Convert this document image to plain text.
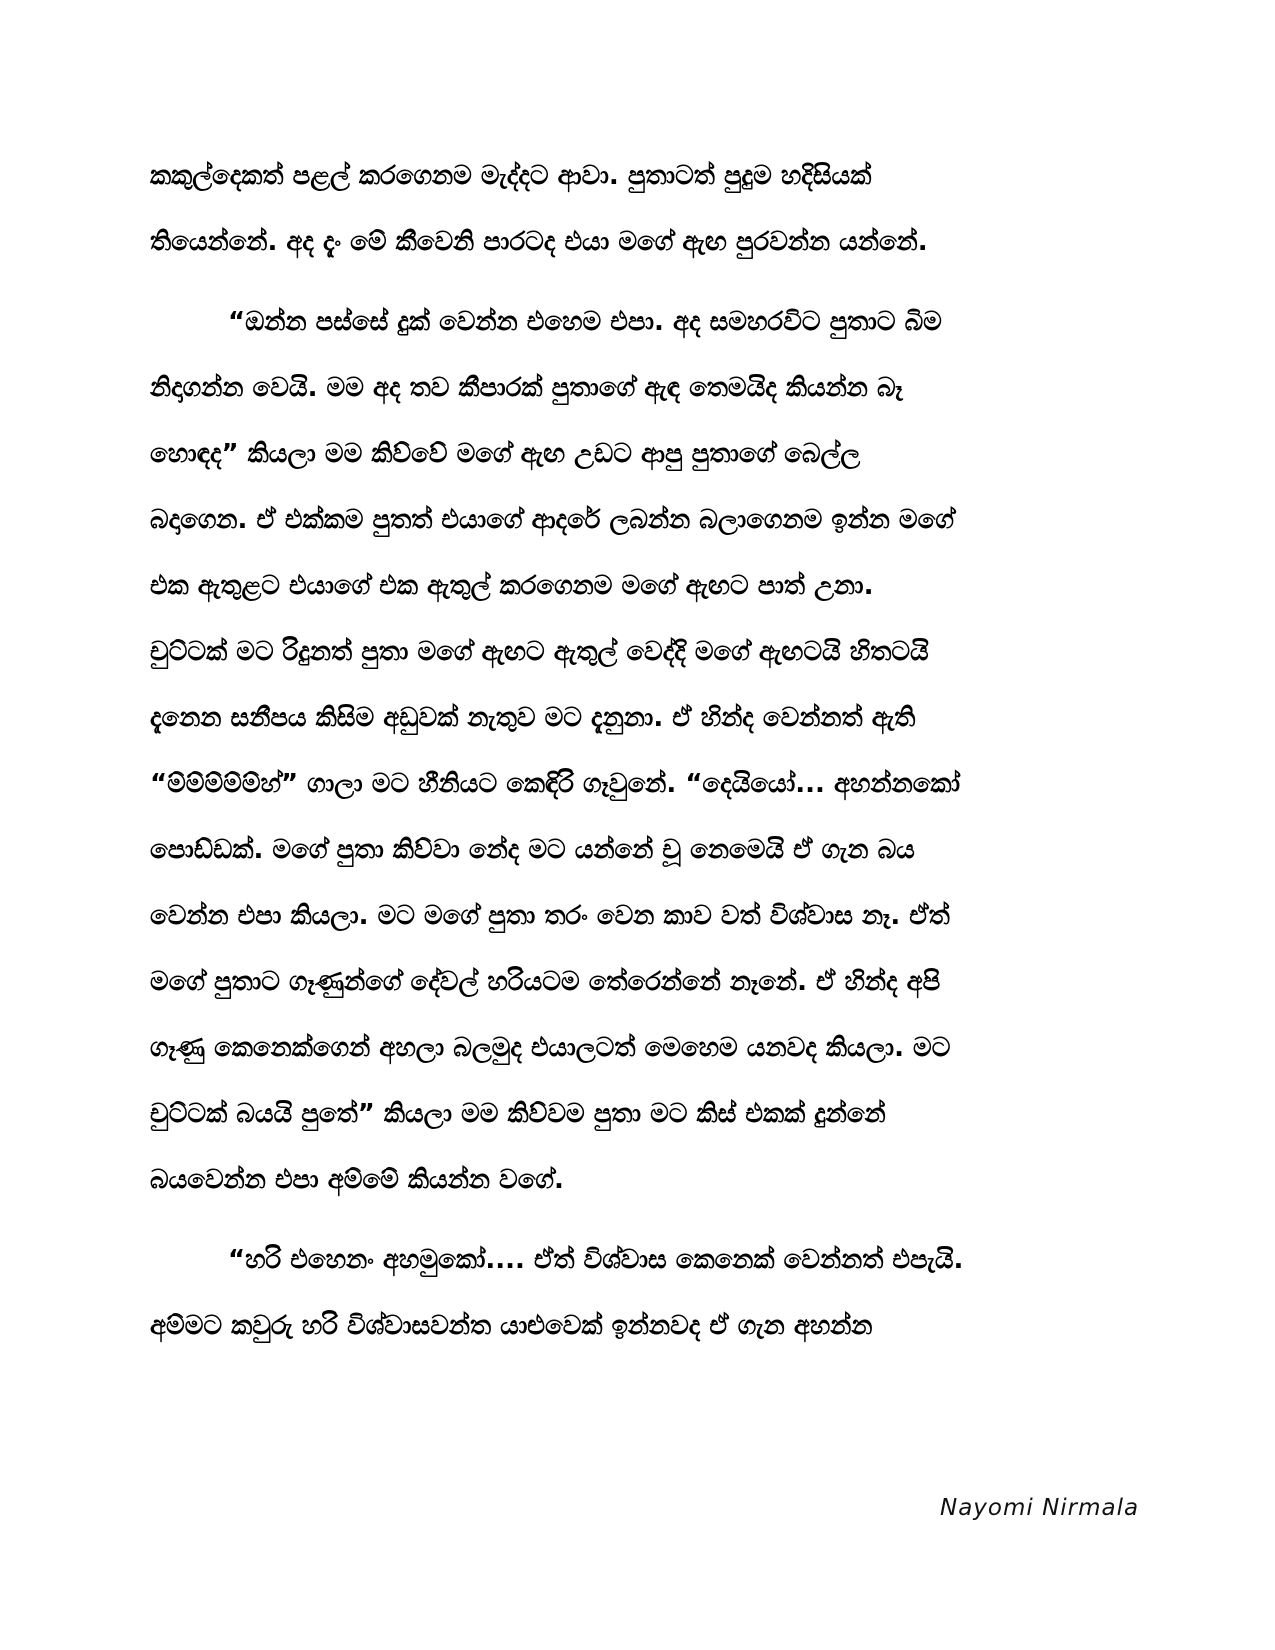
කකුල්දෙකත් පළල් කරගෙනම මැද්දට ආවා. පුතාටත් පුදුම හදිසියක්
තියෙන්නේ. අද දැං මේ කීවෙනි පාරටද එයා මගේ ඇඟ පුරවන්න යන්නේ.
“ඔන්න පස්සේ දුක් වෙන්න එහෙම එපා. අද සමහරවිට පුතාට බිම
නිදාගන්න වෙයි. මම අද තව කීපාරක් පුතාගේ ඇඳ තෙමයිද කියන්න බෑ
හොඳද” කියලා මම කිව්වේ මගේ ඇඟ උඩට ආපු පුතාගේ බෙල්ල
බදාගෙන. ඒ එක්කම පුතත් එයාගේ ආදරේ ලබන්න බලාගෙනම ඉන්න මගේ
එක ඇතුළට එයාගේ එක ඇතුල් කරගෙනම මගේ ඇඟට පාත් උනා.
චුට්ටක් මට රිදුනත් පුතා මගේ ඇඟට ඇතුල් වෙද්දි මගේ ඇඟටයි හිතටයි
දැනෙන සනීපය කිසිම අඩුවක් නැතුව මට දැනුනා. ඒ හින්ද වෙන්නත් ඇති
“ම්ම්ම්ම්ම්හ්” ගාලා මට හීනියට කෙඳිරි ගෑවුනේ. “දෙයියෝ... අහන්නකෝ
පොඩ්ඩක්. මගේ පුතා කිව්වා නේද මට යන්නේ චූ නෙමෙයි ඒ ගැන බය
වෙන්න එපා කියලා. මට මගේ පුතා තරං වෙන කාව වත් විශ්වාස නෑ. ඒත්
මගේ පුතාට ගෑණුන්ගේ දේවල් හරියටම තේරෙන්නේ නෑනේ. ඒ හින්ද අපි
ගෑණු කෙනෙක්ගෙන් අහලා බලමුද එයාලටත් මෙහෙම යනවද කියලා. මට
චුට්ටක් බයයි පුතේ” කියලා මම කිව්වම පුතා මට කිස් එකක් දුන්නේ
බයවෙන්න එපා අම්මේ කියන්න වගේ.
“හරි එහෙනං අහමුකෝ.... ඒත් විශ්වාස කෙනෙක් වෙන්නත් එපැයි.
අම්මට කවුරු හරි විශ්වාසවන්ත යාළුවෙක් ඉන්නවද ඒ ගැන අහන්න
Nayomi Nirmala
